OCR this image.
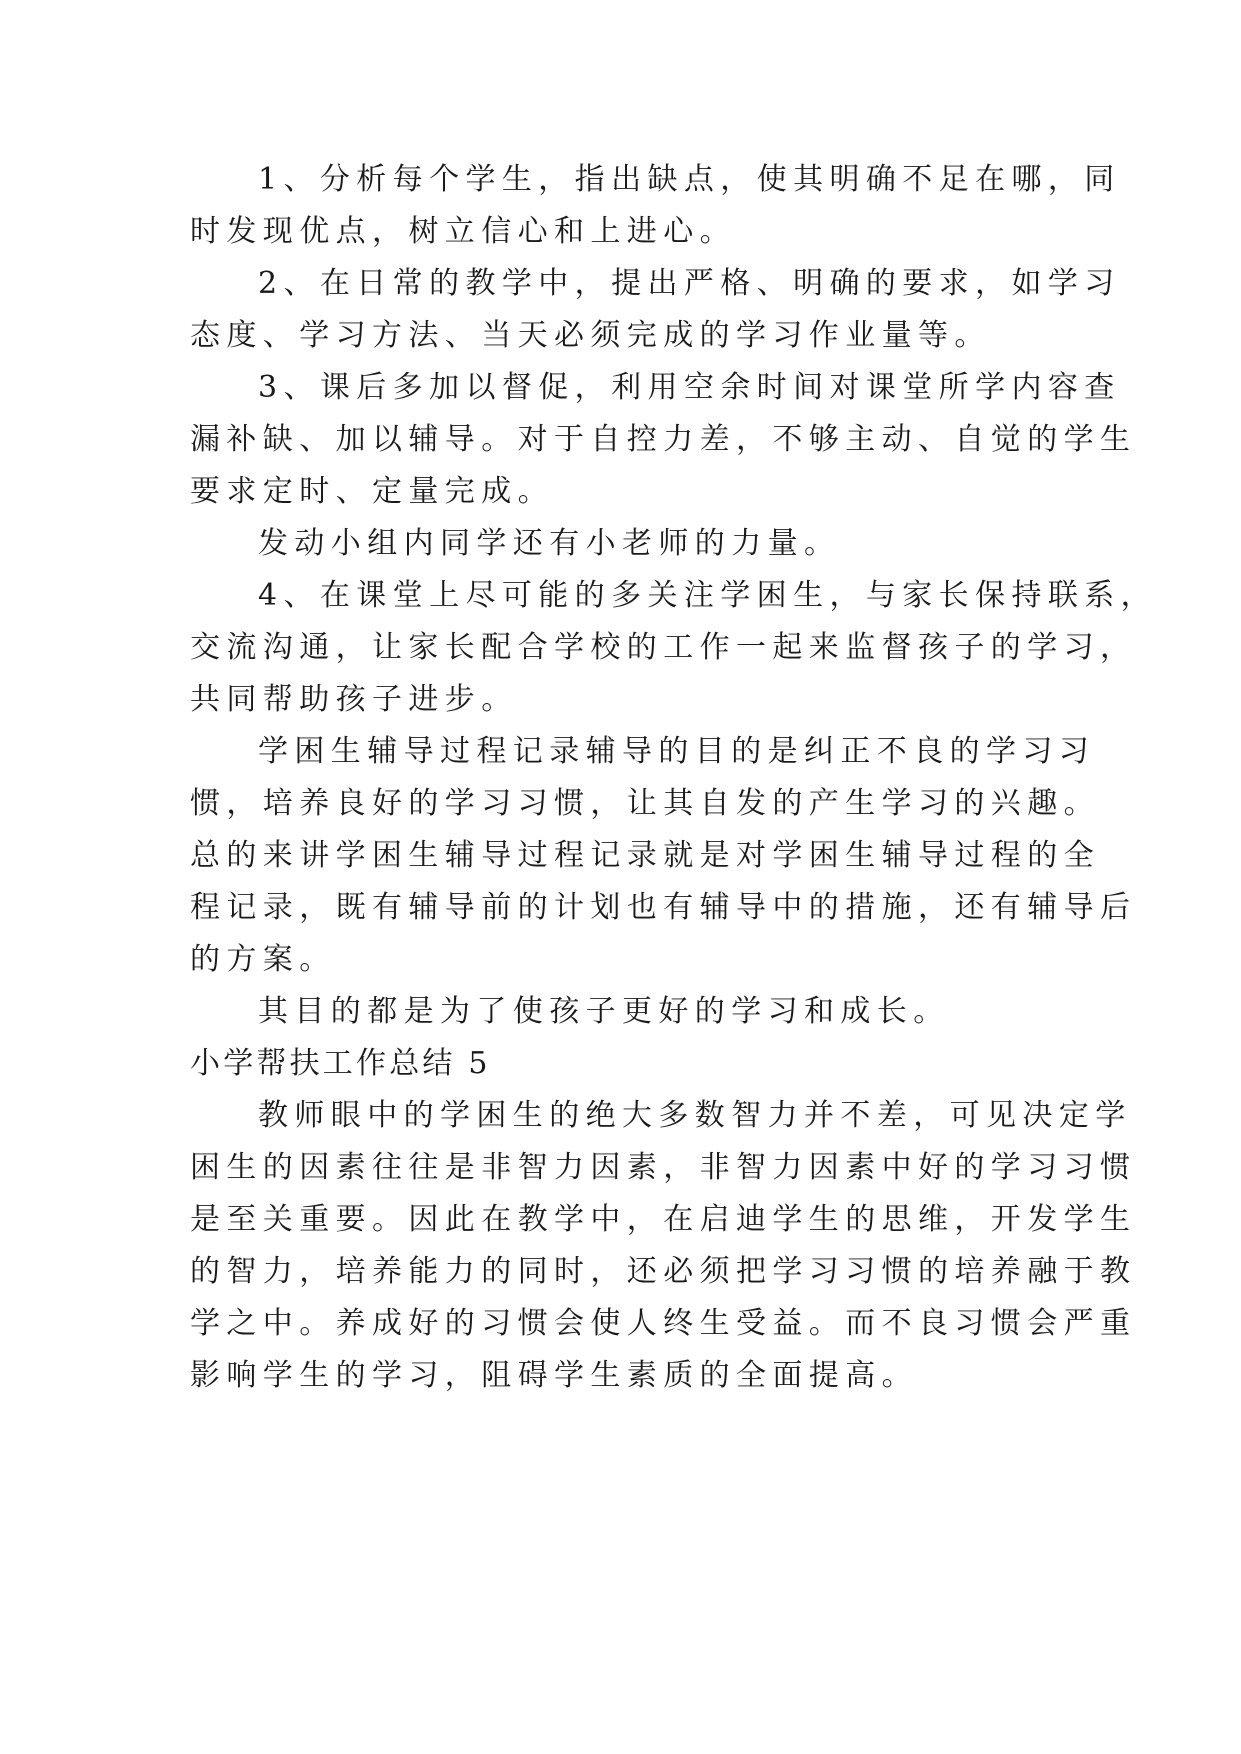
1、分析每个学生，指出缺点，使其明确不足在哪，同
时发现优点，树立信心和上进心。
2、在日常的教学中，提出严格、明确的要求，如学习
态度、学习方法、当天必须完成的学习作业量等。
3、课后多加以督促，利用空余时间对课堂所学内容查
漏补缺、加以辅导。对于自控力差，不够主动、自觉的学生
要求定时、定量完成。
发动小组内同学还有小老师的力量。
4、在课堂上尽可能的多关注学困生，与家长保持联系，
交流沟通，让家长配合学校的工作一起来监督孩子的学习，
共同帮助孩子进步。
学困生辅导过程记录辅导的目的是纠正不良的学习习
惯，培养良好的学习习惯，让其自发的产生学习的兴趣。
总的来讲学困生辅导过程记录就是对学困生辅导过程的全
程记录，既有辅导前的计划也有辅导中的措施，还有辅导后
的方案。
其目的都是为了使孩子更好的学习和成长。
小学帮扶工作总结 5
教师眼中的学困生的绝大多数智力并不差，可见决定学
困生的因素往往是非智力因素，非智力因素中好的学习习惯
是至关重要。因此在教学中，在启迪学生的思维，开发学生
的智力，培养能力的同时，还必须把学习习惯的培养融于教
学之中。养成好的习惯会使人终生受益。而不良习惯会严重
影响学生的学习，阻碍学生素质的全面提高。
